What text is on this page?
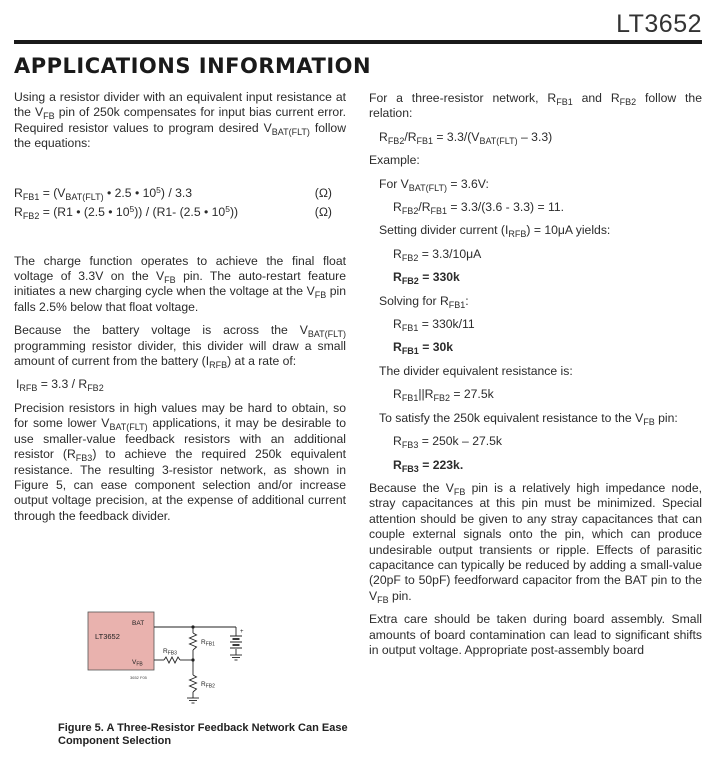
LT3652
APPLICATIONS INFORMATION

Using a resistor divider with an equivalent input resistance at the $V_{FB}$ pin of 250k compensates for input bias current error. Required resistor values to program desired $V_{BAT(FLT)}$ follow the equations:

$R_{FB1} = (V_{BAT(FLT)}$ • 2.5 • $10^5) / 3.3$	(Ω)
$R_{FB2} = (R1$ • (2.5 • $10^5)) / (R1-$ (2.5 • $10^5$))	(Ω)

The charge function operates to achieve the final float voltage of 3.3V on the $V_{FB}$ pin. The auto-restart feature initiates a new charging cycle when the voltage at the $V_{FB}$ pin falls 2.5% below that float voltage.

Because the battery voltage is across the $V_{BAT(FLT)}$ programming resistor divider, this divider will draw a small amount of current from the battery $(I_{RFB})$ at a rate of:

$I_{RFB} = 3.3 / R_{FB2}$

Precision resistors in high values may be hard to obtain, so for some lower $V_{BAT(FLT)}$ applications, it may be desirable to use smaller-value feedback resistors with an additional resistor $(R_{FB3})$ to achieve the required 250k equivalent resistance. The resulting 3-resistor network, as shown in Figure 5, can ease component selection and/or increase output voltage precision, at the expense of additional current through the feedback divider.

LT3652
BAT
$V_{FB}$
+
$R_{FB1}$
$R_{FB2}$
$R_{FB3}$
3652 F05
Figure 5. A Three-Resistor Feedback Network Can Ease Component Selection

For a three-resistor network, $R_{FB1}$ and $R_{FB2}$ follow the relation:

$R_{FB2}/R_{FB1} = 3.3/(V_{BAT(FLT)} - 3.3)$
Example:
For $V_{BAT(FLT)} = 3.6V$:
$R_{FB2}/R_{FB1} = 3.3/(3.6 - 3.3) = 11$.
Setting divider current $(I_{RFB}) = 10\mu A$ yields:
$R_{FB2} = 3.3/10\mu A$
$R_{FB2} = 330k$
Solving for $R_{FB1}$:
$R_{FB1} = 330k/11$
$R_{FB1} = 30k$
The divider equivalent resistance is:
$R_{FB1}||R_{FB2} = 27.5k$
To satisfy the 250k equivalent resistance to the $V_{FB}$ pin:
$R_{FB3} = 250k - 27.5k$
$R_{FB3} = 223k$.

Because the $V_{FB}$ pin is a relatively high impedance node, stray capacitances at this pin must be minimized. Special attention should be given to any stray capacitances that can couple external signals onto the pin, which can produce undesirable output transients or ripple. Effects of parasitic capacitance can typically be reduced by adding a small-value (20pF to 50pF) feedforward capacitor from the BAT pin to the $V_{FB}$ pin.

Extra care should be taken during board assembly. Small amounts of board contamination can lead to significant shifts in output voltage. Appropriate post-assembly board
